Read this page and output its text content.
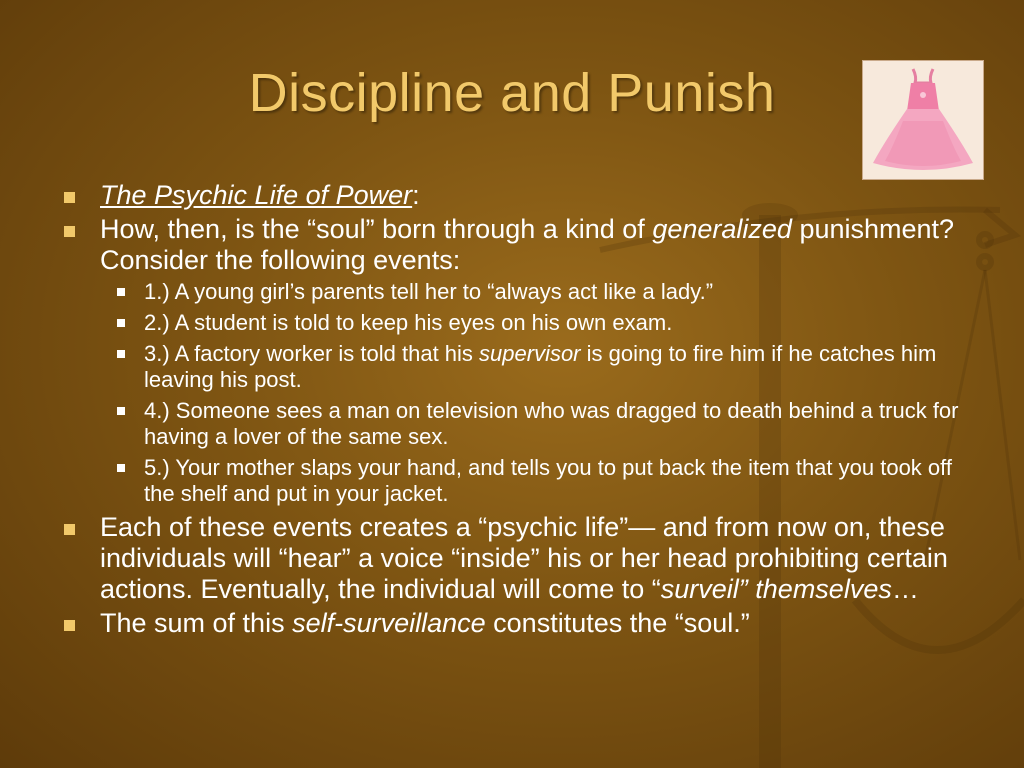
Discipline and Punish
The Psychic Life of Power:
How, then, is the “soul” born through a kind of generalized punishment? Consider the following events:
1.) A young girl’s parents tell her to “always act like a lady.”
2.) A student is told to keep his eyes on his own exam.
3.) A factory worker is told that his supervisor is going to fire him if he catches him leaving his post.
4.) Someone sees a man on television who was dragged to death behind a truck for having a lover of the same sex.
5.) Your mother slaps your hand, and tells you to put back the item that you took off the shelf and put in your jacket.
Each of these events creates a “psychic life”— and from now on, these individuals will “hear” a voice “inside” his or her head prohibiting certain actions. Eventually, the individual will come to “surveil” themselves…
The sum of this self-surveillance constitutes the “soul.”
